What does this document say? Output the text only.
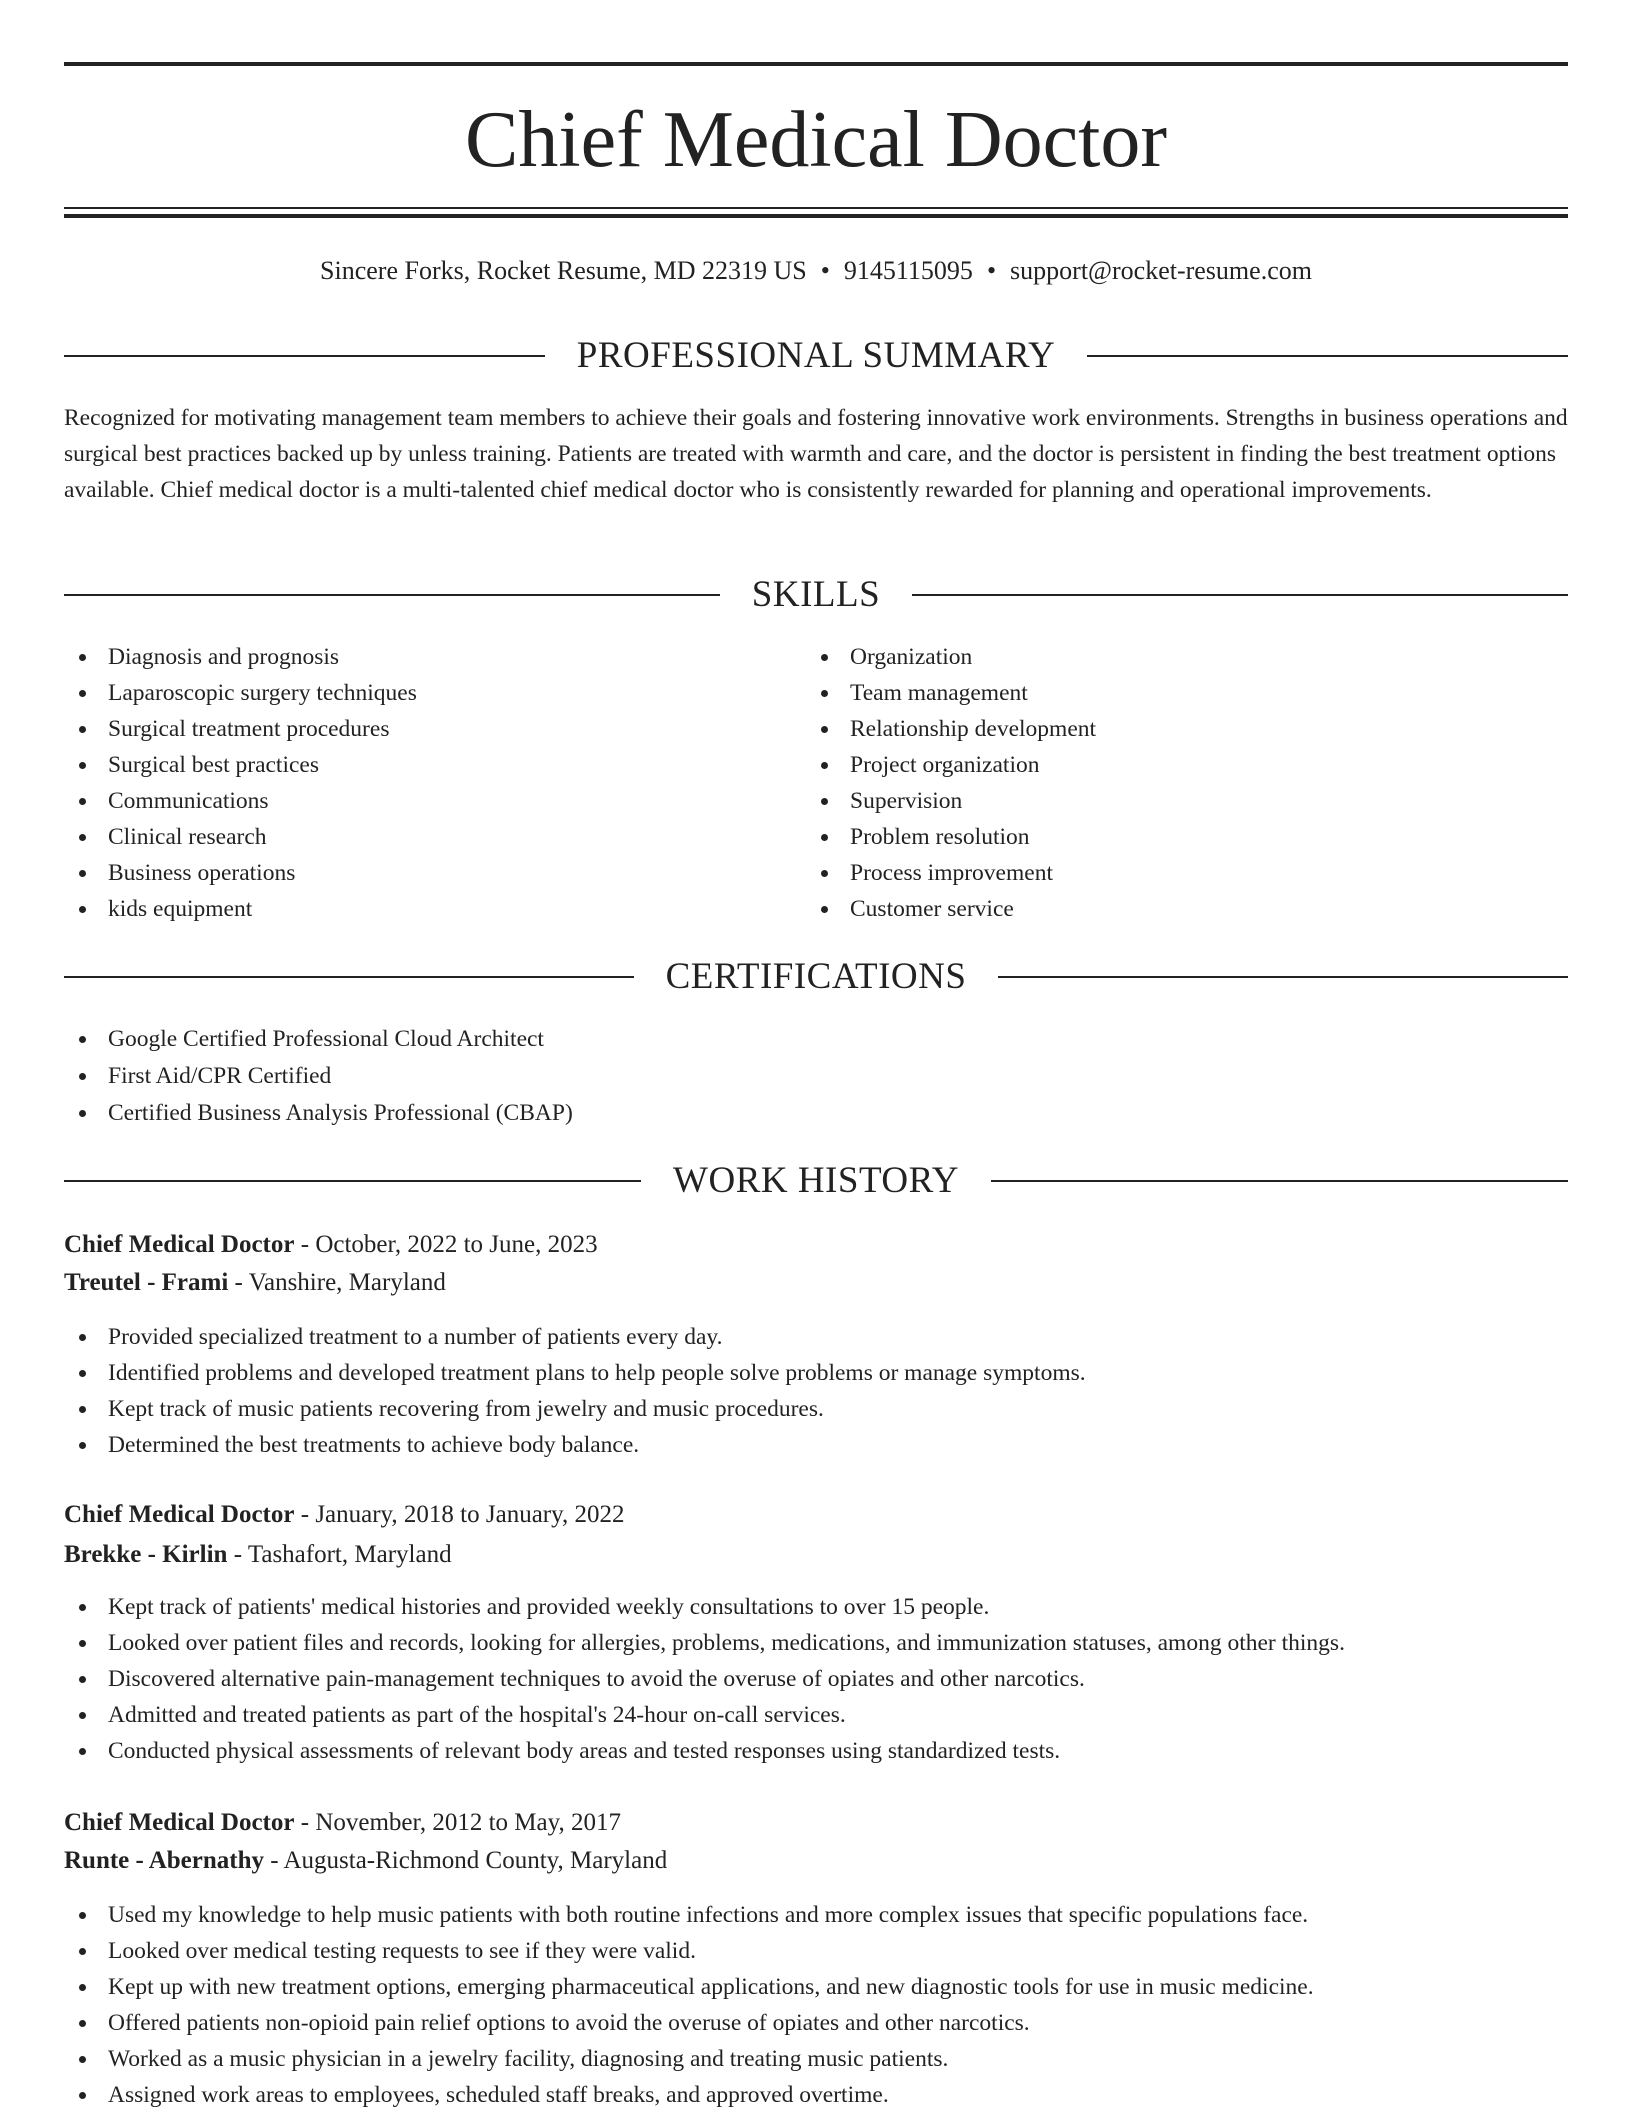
Chief Medical Doctor
Sincere Forks, Rocket Resume, MD 22319 US • 9145115095 • support@rocket-resume.com
PROFESSIONAL SUMMARY

Recognized for motivating management team members to achieve their goals and fostering innovative work environments. Strengths in business operations and surgical best practices backed up by unless training. Patients are treated with warmth and care, and the doctor is persistent in finding the best treatment options available. Chief medical doctor is a multi-talented chief medical doctor who is consistently rewarded for planning and operational improvements.

SKILLS
Diagnosis and prognosis
Laparoscopic surgery techniques
Surgical treatment procedures
Surgical best practices
Communications
Clinical research
Business operations
kids equipment
Organization
Team management
Relationship development
Project organization
Supervision
Problem resolution
Process improvement
Customer service
CERTIFICATIONS
Google Certified Professional Cloud Architect
First Aid/CPR Certified
Certified Business Analysis Professional (CBAP)
WORK HISTORY
Chief Medical Doctor - October, 2022 to June, 2023
Treutel - Frami - Vanshire, Maryland
Provided specialized treatment to a number of patients every day.
Identified problems and developed treatment plans to help people solve problems or manage symptoms.
Kept track of music patients recovering from jewelry and music procedures.
Determined the best treatments to achieve body balance.
Chief Medical Doctor - January, 2018 to January, 2022
Brekke - Kirlin - Tashafort, Maryland
Kept track of patients' medical histories and provided weekly consultations to over 15 people.
Looked over patient files and records, looking for allergies, problems, medications, and immunization statuses, among other things.
Discovered alternative pain-management techniques to avoid the overuse of opiates and other narcotics.
Admitted and treated patients as part of the hospital's 24-hour on-call services.
Conducted physical assessments of relevant body areas and tested responses using standardized tests.
Chief Medical Doctor - November, 2012 to May, 2017
Runte - Abernathy - Augusta-Richmond County, Maryland
Used my knowledge to help music patients with both routine infections and more complex issues that specific populations face.
Looked over medical testing requests to see if they were valid.
Kept up with new treatment options, emerging pharmaceutical applications, and new diagnostic tools for use in music medicine.
Offered patients non-opioid pain relief options to avoid the overuse of opiates and other narcotics.
Worked as a music physician in a jewelry facility, diagnosing and treating music patients.
Assigned work areas to employees, scheduled staff breaks, and approved overtime.
